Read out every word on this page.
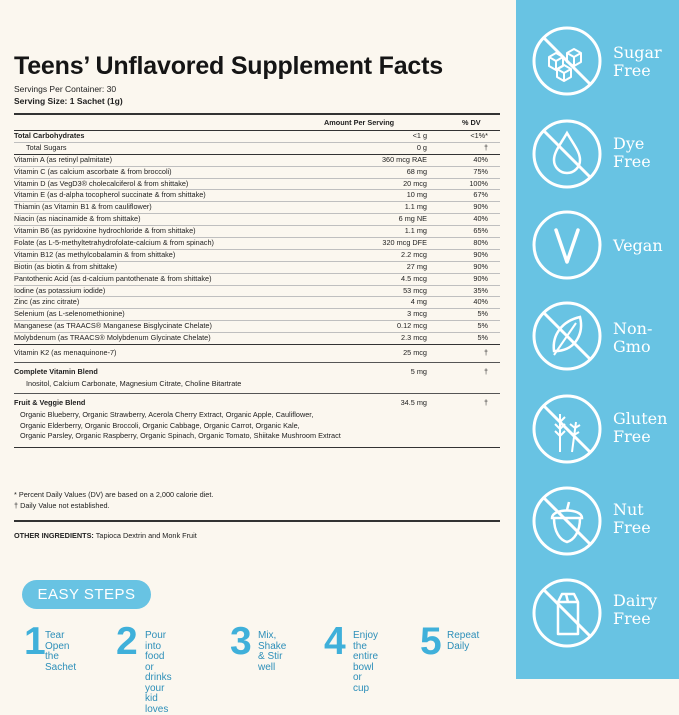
Teens’ Unflavored Supplement Facts
Servings Per Container: 30
Serving Size: 1 Sachet (1g)
Amount Per Serving	% DV
Total Carbohydrates	<1 g	<1%*
Total Sugars	0 g	†
Vitamin A (as retinyl palmitate)	360 mcg RAE	40%
Vitamin C (as calcium ascorbate & from broccoli)	68 mg	75%
Vitamin D (as VegD3® cholecalciferol & from shittake)	20 mcg	100%
Vitamin E (as d-alpha tocopherol succinate & from shittake)	10 mg	67%
Thiamin (as Vitamin B1 & from cauliflower)	1.1 mg	90%
Niacin (as niacinamide & from shittake)	6 mg NE	40%
Vitamin B6 (as pyridoxine hydrochloride & from shittake)	1.1 mg	65%
Folate (as L-5-methyltetrahydrofolate-calcium & from spinach)	320 mcg DFE	80%
Vitamin B12 (as methylcobalamin & from shittake)	2.2 mcg	90%
Biotin (as biotin & from shittake)	27 mg	90%
Pantothenic Acid (as d-calcium pantothenate & from shittake)	4.5 mcg	90%
Iodine (as potassium iodide)	53 mcg	35%
Zinc (as zinc citrate)	4 mg	40%
Selenium (as L-selenomethionine)	3 mcg	5%
Manganese (as TRAACS® Manganese Bisglycinate Chelate)	0.12 mcg	5%
Molybdenum (as TRAACS® Molybdenum Glycinate Chelate)	2.3 mcg	5%
Vitamin K2 (as menaquinone-7)	25 mcg	†
Complete Vitamin Blend	5 mg	†
Inositol, Calcium Carbonate, Magnesium Citrate, Choline Bitartrate
Fruit & Veggie Blend	34.5 mg	†
Organic Blueberry, Organic Strawberry, Acerola Cherry Extract, Organic Apple, Cauliflower,
Organic Elderberry, Organic Broccoli, Organic Cabbage, Organic Carrot, Organic Kale,
Organic Parsley, Organic Raspberry, Organic Spinach, Organic Tomato, Shiitake Mushroom Extract
* Percent Daily Values (DV) are based on a 2,000 calorie diet.
† Daily Value not established.
OTHER INGREDIENTS: Tapioca Dextrin and Monk Fruit
EASY STEPS
1 Tear Open
the Sachet
2 Pour into food
or drinks your
kid loves
3 Mix, Shake
& Stir well
4 Enjoy the
entire bowl
or cup
5 Repeat
Daily
Sugar
Free
Dye
Free
Vegan
Non-
Gmo
Gluten
Free
Nut
Free
Dairy
Free
